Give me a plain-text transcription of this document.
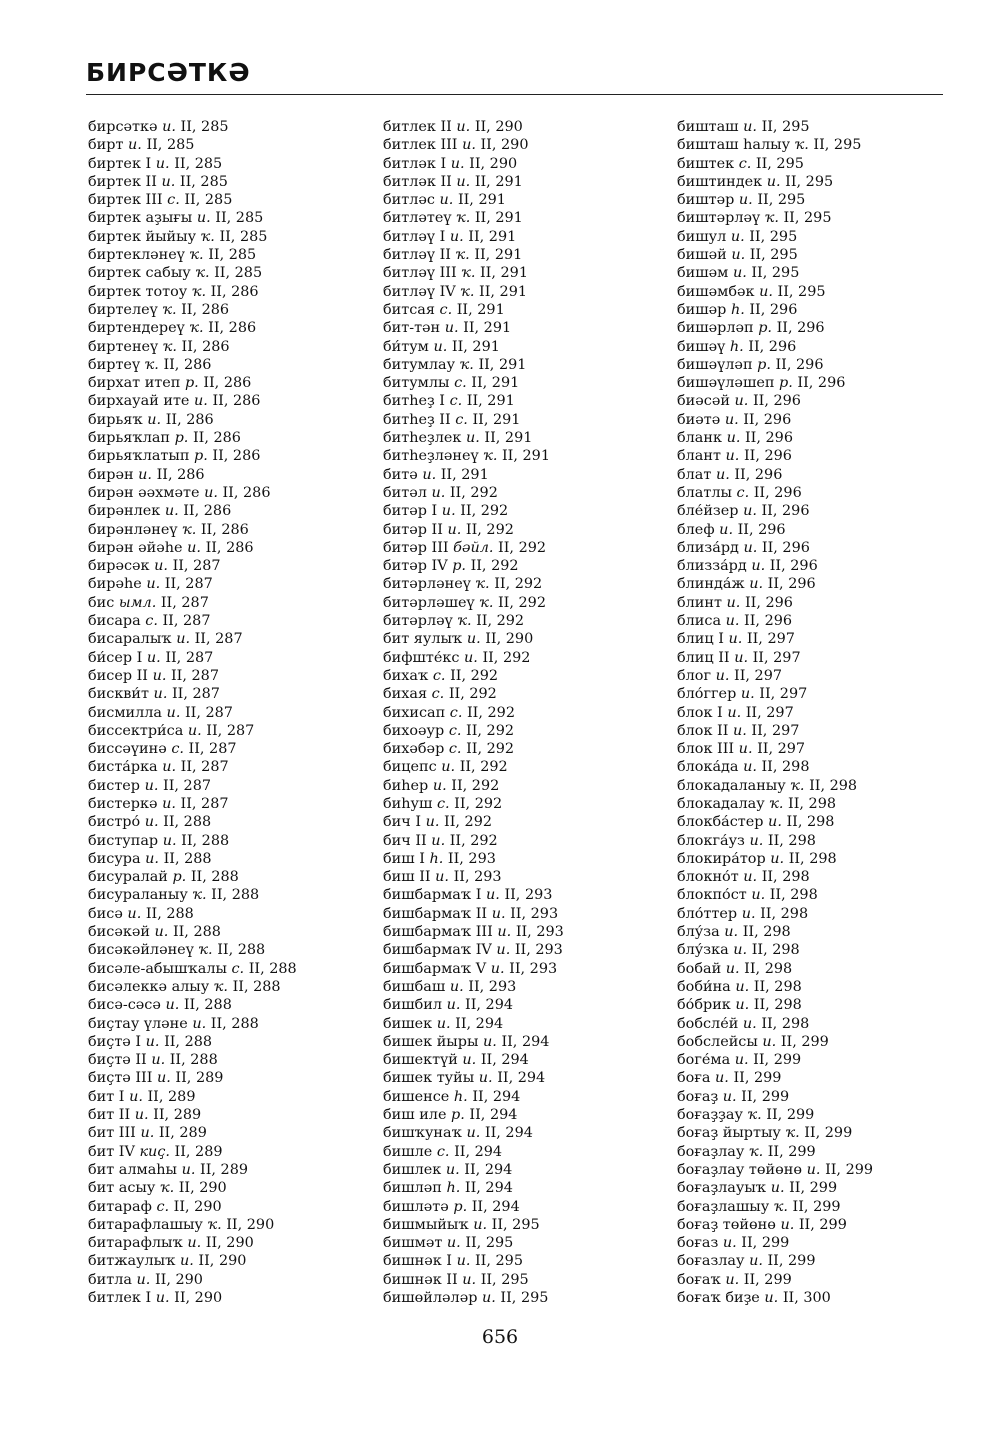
БИРСӘТКӘ
бирсәткә и. II, 285
бирт и. II, 285
биртек I и. II, 285
биртек II и. II, 285
биртек III с. II, 285
биртек аҙығы и. II, 285
биртек йыйыу ҡ. II, 285
биртекләнеү ҡ. II, 285
биртек сабыу ҡ. II, 285
биртек тотоу ҡ. II, 286
биртелеү ҡ. II, 286
биртендереү ҡ. II, 286
биртенеү ҡ. II, 286
биртеү ҡ. II, 286
бирхат итеп р. II, 286
бирхауай ите и. II, 286
бирьяҡ и. II, 286
бирьяҡлап р. II, 286
бирьяҡлатып р. II, 286
бирән и. II, 286
бирән әәхмәте и. II, 286
бирәнлек и. II, 286
бирәнләнеү ҡ. II, 286
бирән әйәһе и. II, 286
бирәсәк и. II, 287
бирәһе и. II, 287
бис ымл. II, 287
бисара с. II, 287
бисаралыҡ и. II, 287
би́сер I и. II, 287
бисер II и. II, 287
бискви́т и. II, 287
бисмилла и. II, 287
биссектри́са и. II, 287
биссәүинә с. II, 287
биста́рка и. II, 287
бистер и. II, 287
бистеркә и. II, 287
бистро́ и. II, 288
биступар и. II, 288
бисура и. II, 288
бисуралай р. II, 288
бисураланыу ҡ. II, 288
бисә и. II, 288
бисәкәй и. II, 288
бисәкәйләнеү ҡ. II, 288
бисәле-абышҡалы с. II, 288
бисәлеккә алыу ҡ. II, 288
бисә-сәсә и. II, 288
биҫтау үләне и. II, 288
биҫтә I и. II, 288
биҫтә II и. II, 288
биҫтә III и. II, 289
бит I и. II, 289
бит II и. II, 289
бит III и. II, 289
бит IV киҫ. II, 289
бит алмаһы и. II, 289
бит асыу ҡ. II, 290
битараф с. II, 290
битарафлашыу ҡ. II, 290
битарафлыҡ и. II, 290
битжаулыҡ и. II, 290
битла и. II, 290
битлек I и. II, 290
битлек II и. II, 290
битлек III и. II, 290
битләк I и. II, 290
битләк II и. II, 291
битләс и. II, 291
битләтеү ҡ. II, 291
битләү I и. II, 291
битләү II ҡ. II, 291
битләү III ҡ. II, 291
битләү IV ҡ. II, 291
битсая с. II, 291
бит-тән и. II, 291
би́тум и. II, 291
битумлау ҡ. II, 291
битумлы с. II, 291
битһеҙ I с. II, 291
битһеҙ II с. II, 291
битһеҙлек и. II, 291
битһеҙләнеү ҡ. II, 291
битә и. II, 291
битәл и. II, 292
битәр I и. II, 292
битәр II и. II, 292
битәр III бәйл. II, 292
битәр IV р. II, 292
битәрләнеү ҡ. II, 292
битәрләшеү ҡ. II, 292
битәрләү ҡ. II, 292
бит яулыҡ и. II, 290
бифште́кс и. II, 292
бихаҡ с. II, 292
бихая с. II, 292
бихисап с. II, 292
бихоәур с. II, 292
бихәбәр с. II, 292
бицепс и. II, 292
биһер и. II, 292
биһуш с. II, 292
бич I и. II, 292
бич II и. II, 292
биш I һ. II, 293
биш II и. II, 293
бишбармаҡ I и. II, 293
бишбармаҡ II и. II, 293
бишбармаҡ III и. II, 293
бишбармаҡ IV и. II, 293
бишбармаҡ V и. II, 293
бишбаш и. II, 293
бишбил и. II, 294
бишек и. II, 294
бишек йыры и. II, 294
бишектүй и. II, 294
бишек туйы и. II, 294
бишенсе һ. II, 294
биш иле р. II, 294
бишҡунаҡ и. II, 294
бишле с. II, 294
бишлек и. II, 294
бишләп һ. II, 294
бишләтә р. II, 294
бишмыйыҡ и. II, 295
бишмәт и. II, 295
бишнәк I и. II, 295
бишнәк II и. II, 295
бишөйләләр и. II, 295
бишташ и. II, 295
бишташ һалыу ҡ. II, 295
биштек с. II, 295
биштиндек и. II, 295
биштәр и. II, 295
биштәрләү ҡ. II, 295
бишул и. II, 295
бишәй и. II, 295
бишәм и. II, 295
бишәмбәк и. II, 295
бишәр һ. II, 296
бишәрләп р. II, 296
бишәү һ. II, 296
бишәүләп р. II, 296
бишәүләшеп р. II, 296
биәсәй и. II, 296
биәтә и. II, 296
бланк и. II, 296
блант и. II, 296
блат и. II, 296
блатлы с. II, 296
бле́йзер и. II, 296
блеф и. II, 296
близа́рд и. II, 296
близза́рд и. II, 296
блинда́ж и. II, 296
блинт и. II, 296
блиса и. II, 296
блиц I и. II, 297
блиц II и. II, 297
блог и. II, 297
бло́ггер и. II, 297
блок I и. II, 297
блок II и. II, 297
блок III и. II, 297
блока́да и. II, 298
блокадаланыу ҡ. II, 298
блокадалау ҡ. II, 298
блокба́стер и. II, 298
блокга́уз и. II, 298
блокира́тор и. II, 298
блокно́т и. II, 298
блокпо́ст и. II, 298
бло́ттер и. II, 298
блу́за и. II, 298
блу́зка и. II, 298
бобай и. II, 298
боби́на и. II, 298
бо́брик и. II, 298
бобсле́й и. II, 298
бобслейсы и. II, 299
боге́ма и. II, 299
боға и. II, 299
боғаҙ и. II, 299
боғаҙҙау ҡ. II, 299
боғаҙ йыртыу ҡ. II, 299
боғаҙлау ҡ. II, 299
боғаҙлау төйөнө и. II, 299
боғаҙлауыҡ и. II, 299
боғаҙлашыу ҡ. II, 299
боғаҙ төйөнө и. II, 299
боғаз и. II, 299
боғазлау и. II, 299
боғаҡ и. II, 299
боғаҡ биҙе и. II, 300
656
